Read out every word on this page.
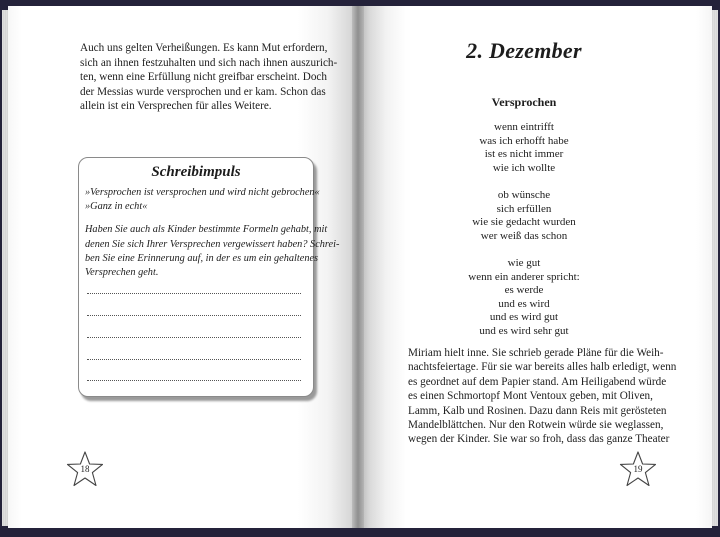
Auch uns gelten Verheißungen. Es kann Mut erfordern,
sich an ihnen festzuhalten und sich nach ihnen auszurich-
ten, wenn eine Erfüllung nicht greifbar erscheint. Doch
der Messias wurde versprochen und er kam. Schon das
allein ist ein Versprechen für alles Weitere.
Schreibimpuls
»Versprochen ist versprochen und wird nicht gebrochen«
»Ganz in echt«
Haben Sie auch als Kinder bestimmte Formeln gehabt, mit
denen Sie sich Ihrer Versprechen vergewissert haben? Schrei-
ben Sie eine Erinnerung auf, in der es um ein gehaltenes
Versprechen geht.
18
2. Dezember
Versprochen
wenn eintrifft
was ich erhofft habe
ist es nicht immer
wie ich wollte
ob wünsche
sich erfüllen
wie sie gedacht wurden
wer weiß das schon
wie gut
wenn ein anderer spricht:
es werde
und es wird
und es wird gut
und es wird sehr gut
Miriam hielt inne. Sie schrieb gerade Pläne für die Weih-
nachtsfeiertage. Für sie war bereits alles halb erledigt, wenn
es geordnet auf dem Papier stand. Am Heiligabend würde
es einen Schmortopf Mont Ventoux geben, mit Oliven,
Lamm, Kalb und Rosinen. Dazu dann Reis mit gerösteten
Mandelblättchen. Nur den Rotwein würde sie weglassen,
wegen der Kinder. Sie war so froh, dass das ganze Theater
19
